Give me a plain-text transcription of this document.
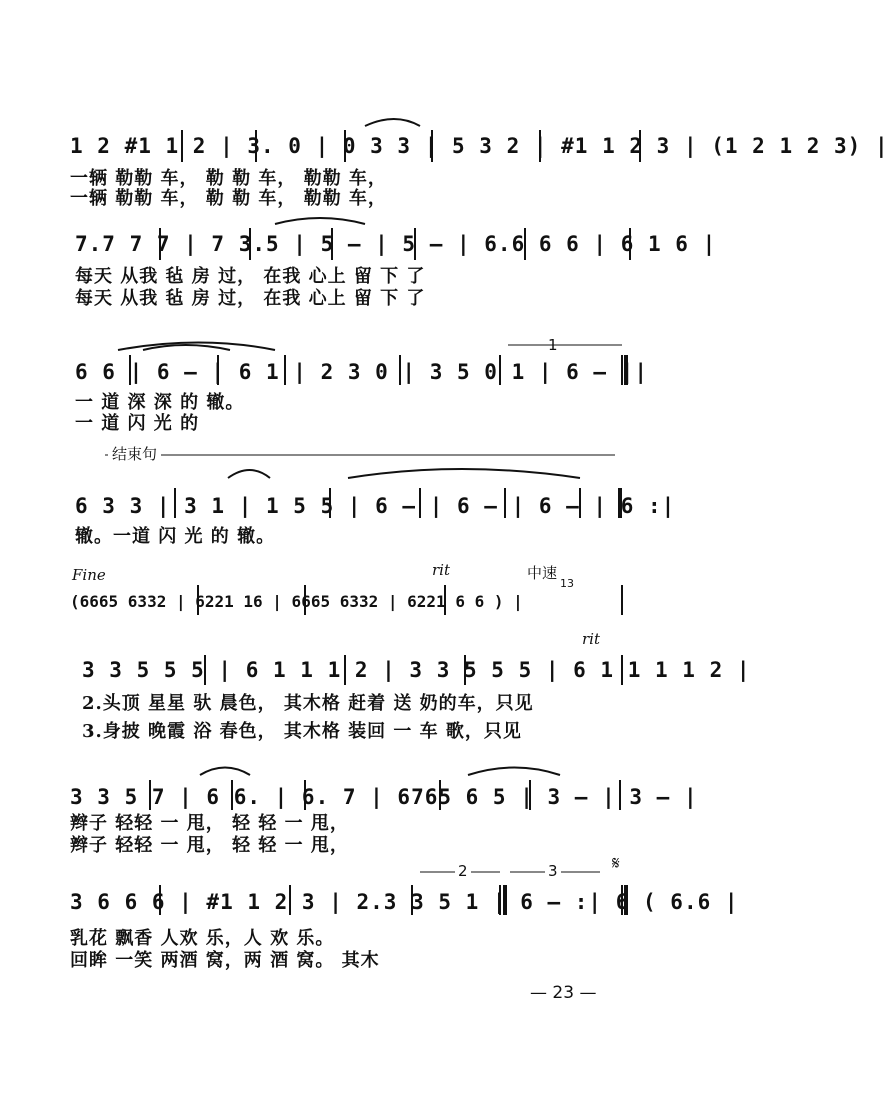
1 2 #1 1 2 | 3. 0 | 0 3 3 | 5 3 2 | #1 1 2 3 | (1 2 1 2 3) |
一辆 勒勒 车， 勒 勒 车， 勒勒 车，
一辆 勒勒 车， 勒 勒 车， 勒勒 车，
7.7 7 7 | 7 3.5 | 5 — | 5 — | 6.6 6 6 | 6 1 6 |
每天 从我 毡 房 过， 在我 心上 留 下 了
每天 从我 毡 房 过， 在我 心上 留 下 了
1
6 6 | 6 — | 6 1 | 2 3 0 | 3 5 0 1 | 6 — ||
一 道 深 深 的 辙。
一 道 闪 光 的
结束句
6 3 3 | 3 1 | 1 5 5 | 6 — | 6 — | 6 — | 6 :|
辙。一道 闪 光 的 辙。
Fine	rit	中速
13
(6665 6332 | 6221 16 | 6665 6332 | 6221 6 6 ) |
rit
3 3 5 5 5 | 6 1 1 1 2 | 3 3 5 5 5 | 6 1 1 1 1 2 |
2.头顶 星星 驮 晨色， 其木格 赶着 送 奶的车，只见
3.身披 晚霞 浴 春色， 其木格 装回 一 车 歌，只见
3 3 5 7 | 6 6. | 6. 7 | 6765 6 5 | 3 — | 3 — |
辫子 轻轻 一 甩， 轻 轻 一 甩，
辫子 轻轻 一 甩， 轻 轻 一 甩，
2	3	𝄋
3 6 6 6 | #1 1 2 3 | 2.3 3 5 1 | 6 — :| 6 ( 6.6 |
乳花 飘香 人欢 乐，人 欢 乐。
回眸 一笑 两酒 窝，两 酒 窝。 其木
— 23 —
